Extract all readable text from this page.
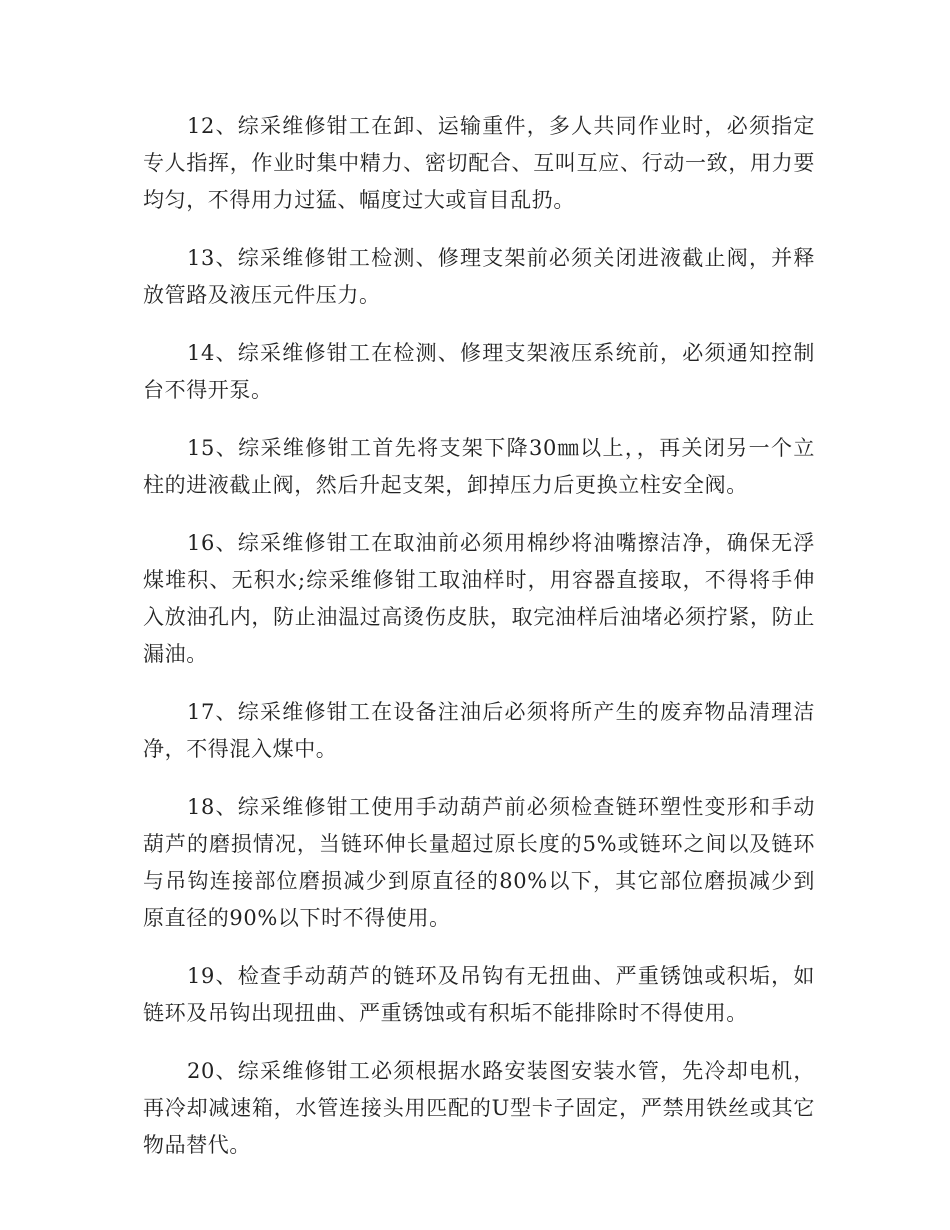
12、综采维修钳工在卸、运输重件，多人共同作业时，必须指定专人指挥，作业时集中精力、密切配合、互叫互应、行动一致，用力要均匀，不得用力过猛、幅度过大或盲目乱扔。

13、综采维修钳工检测、修理支架前必须关闭进液截止阀，并释放管路及液压元件压力。

14、综采维修钳工在检测、修理支架液压系统前，必须通知控制台不得开泵。

15、综采维修钳工首先将支架下降30㎜以上，，再关闭另一个立柱的进液截止阀，然后升起支架，卸掉压力后更换立柱安全阀。

16、综采维修钳工在取油前必须用棉纱将油嘴擦洁净，确保无浮煤堆积、无积水;综采维修钳工取油样时，用容器直接取，不得将手伸入放油孔内，防止油温过高烫伤皮肤，取完油样后油堵必须拧紧，防止漏油。

17、综采维修钳工在设备注油后必须将所产生的废弃物品清理洁净，不得混入煤中。

18、综采维修钳工使用手动葫芦前必须检查链环塑性变形和手动葫芦的磨损情况，当链环伸长量超过原长度的5%或链环之间以及链环与吊钩连接部位磨损减少到原直径的80%以下，其它部位磨损减少到原直径的90%以下时不得使用。

19、检查手动葫芦的链环及吊钩有无扭曲、严重锈蚀或积垢，如链环及吊钩出现扭曲、严重锈蚀或有积垢不能排除时不得使用。

20、综采维修钳工必须根据水路安装图安装水管，先冷却电机，再冷却减速箱，水管连接头用匹配的U型卡子固定，严禁用铁丝或其它物品替代。
